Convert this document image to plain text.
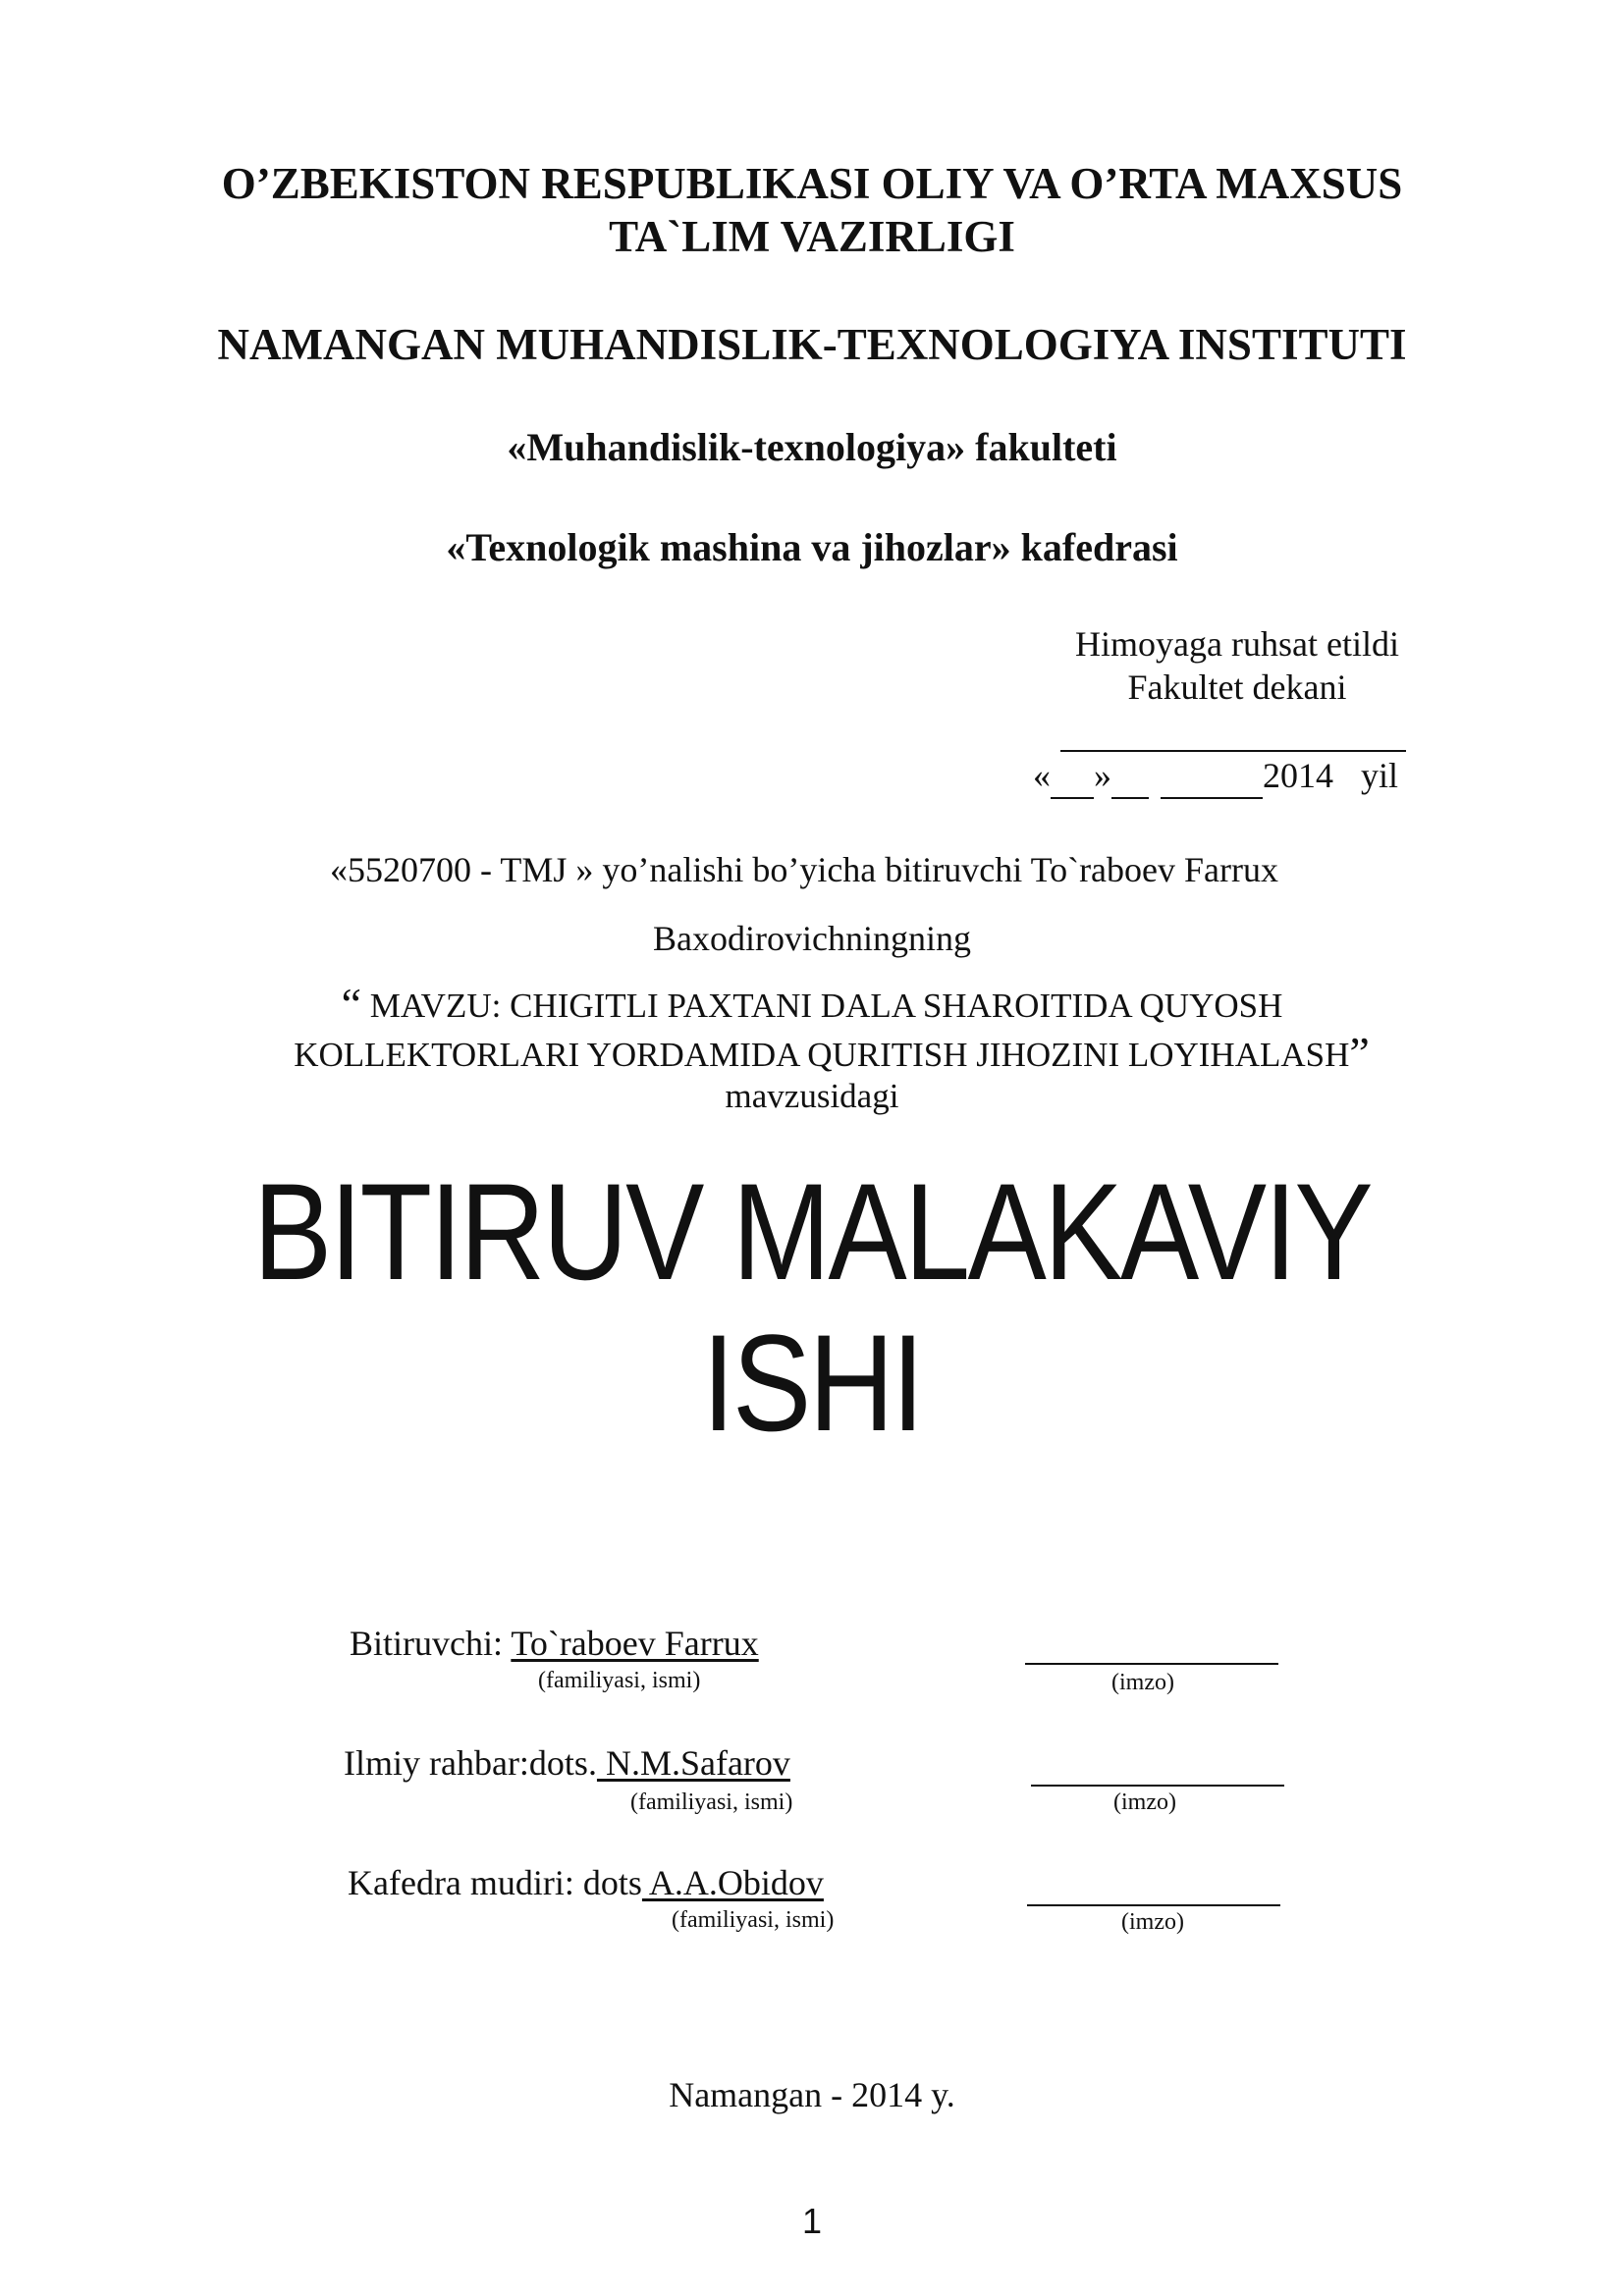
O’ZBEKISTON RESPUBLIKASI OLIY VA O’RTA MAXSUS
TA`LIM VAZIRLIGI
NAMANGAN MUHANDISLIK-TEXNOLOGIYA INSTITUTI
«Muhandislik-texnologiya» fakulteti
«Texnologik mashina va jihozlar» kafedrasi
Himoyaga ruhsat etildi
Fakultet dekani
« »	2014 yil
«5520700 - TMJ » yo’nalishi bo’yicha bitiruvchi To`raboev Farrux
Baxodirovichningning
“ MAVZU: CHIGITLI PAXTANI DALA SHAROITIDA QUYOSH
KOLLEKTORLARI YORDAMIDA QURITISH JIHOZINI LOYIHALASH”
mavzusidagi
BITIRUV MALAKAVIY
ISHI
Bitiruvchi: To`raboev Farrux
(familiyasi, ismi)	(imzo)
Ilmiy rahbar:dots. N.M.Safarov
(familiyasi, ismi)	(imzo)
Kafedra mudiri: dots A.A.Obidov
(familiyasi, ismi)	(imzo)
Namangan - 2014 y.
1
